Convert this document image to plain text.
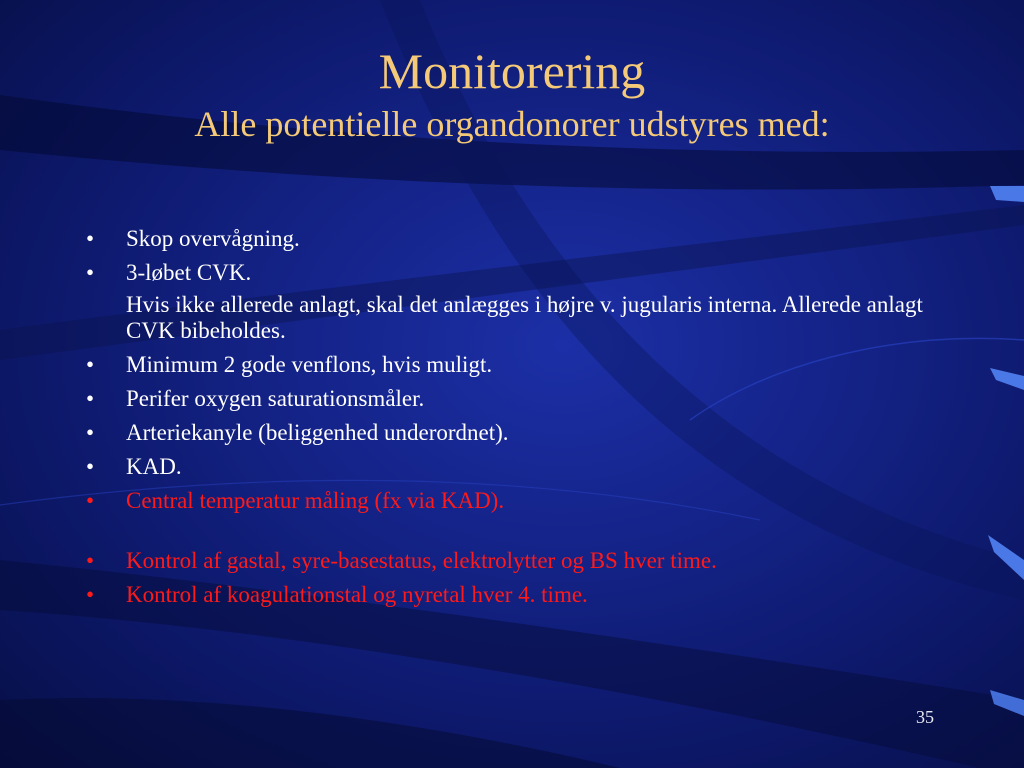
Monitorering
Alle potentielle organdonorer udstyres med:
•	Skop overvågning.
•	3-løbet CVK.
Hvis ikke allerede anlagt, skal det anlægges i højre v. jugularis interna. Allerede anlagt CVK bibeholdes.
•	Minimum 2 gode venflons, hvis muligt.
•	Perifer oxygen saturationsmåler.
•	Arteriekanyle (beliggenhed underordnet).
•	KAD.
•	Central temperatur måling (fx via KAD).
•	Kontrol af gastal, syre-basestatus, elektrolytter og BS hver time.
•	Kontrol af koagulationstal og nyretal hver 4. time.
35
